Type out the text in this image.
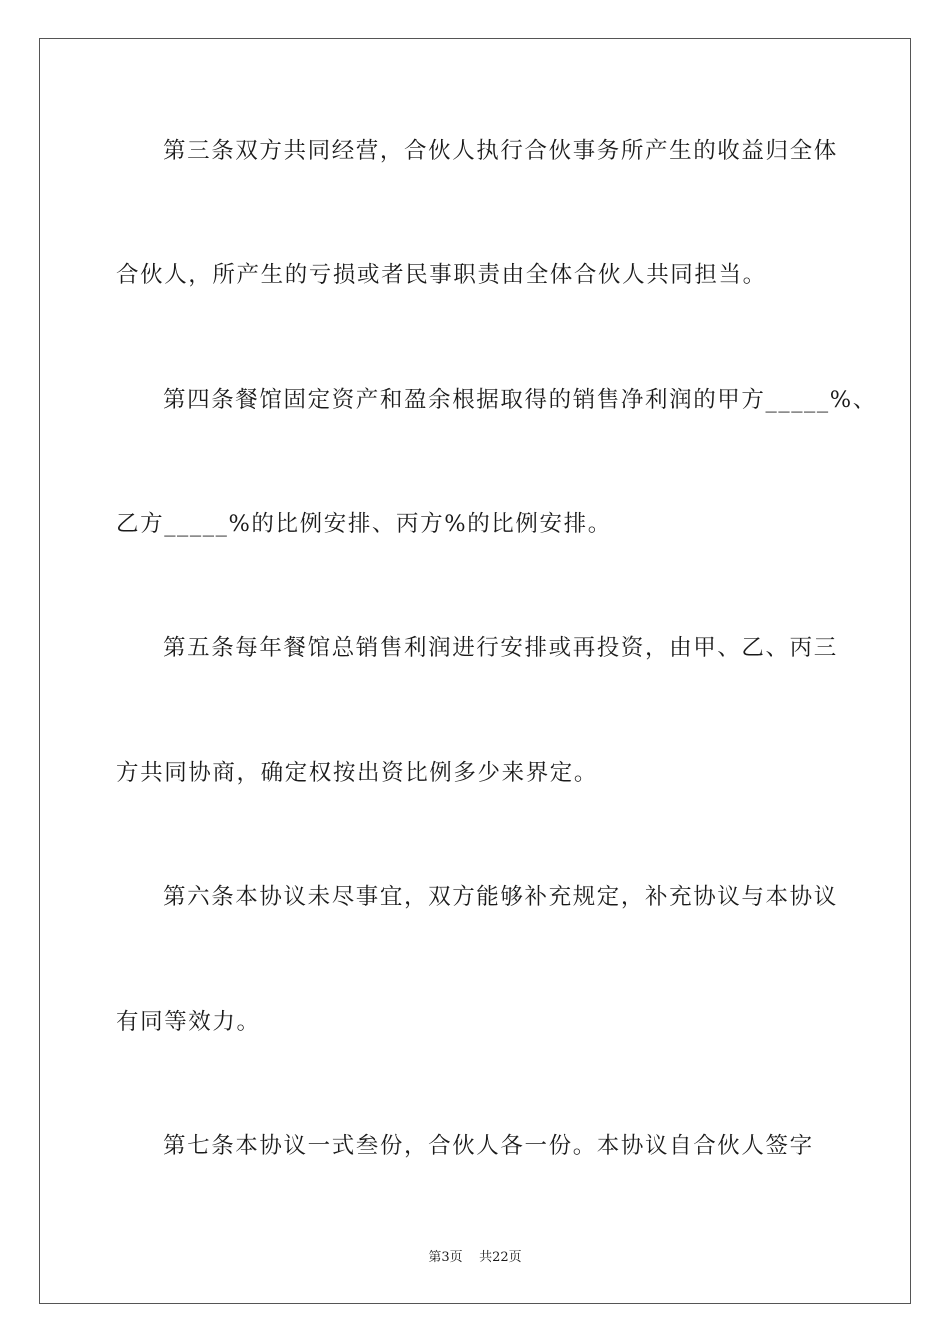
第三条双方共同经营，合伙人执行合伙事务所产生的收益归全体
合伙人，所产生的亏损或者民事职责由全体合伙人共同担当。
第四条餐馆固定资产和盈余根据取得的销售净利润的甲方_____%、
乙方_____%的比例安排、丙方%的比例安排。
第五条每年餐馆总销售利润进行安排或再投资，由甲、乙、丙三
方共同协商，确定权按出资比例多少来界定。
第六条本协议未尽事宜，双方能够补充规定，补充协议与本协议
有同等效力。
第七条本协议一式叁份，合伙人各一份。本协议自合伙人签字
第3页    共22页
